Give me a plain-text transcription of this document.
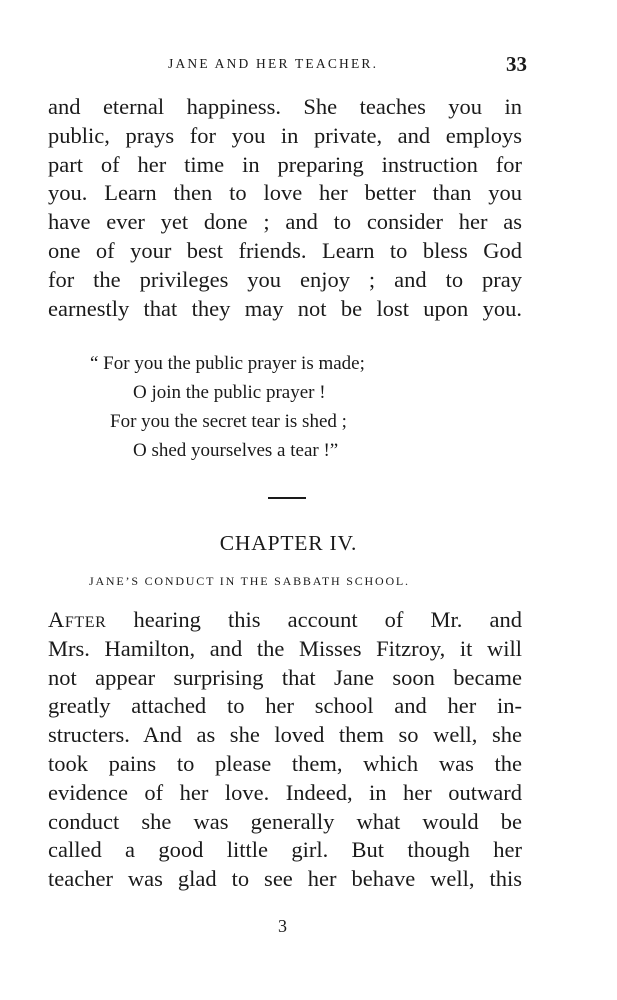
JANE AND HER TEACHER.	33
and eternal happiness. She teaches you in
public, prays for you in private, and employs
part of her time in preparing instruction for
you. Learn then to love her better than you
have ever yet done ; and to consider her as
one of your best friends. Learn to bless God
for the privileges you enjoy ; and to pray
earnestly that they may not be lost upon you.
“ For you the public prayer is made;
O join the public prayer !
For you the secret tear is shed ;
O shed yourselves a tear !”
CHAPTER IV.
JANE’S CONDUCT IN THE SABBATH SCHOOL.
After hearing this account of Mr. and
Mrs. Hamilton, and the Misses Fitzroy, it will
not appear surprising that Jane soon became
greatly attached to her school and her in-
structers. And as she loved them so well, she
took pains to please them, which was the
evidence of her love. Indeed, in her outward
conduct she was generally what would be
called a good little girl. But though her
teacher was glad to see her behave well, this
3
